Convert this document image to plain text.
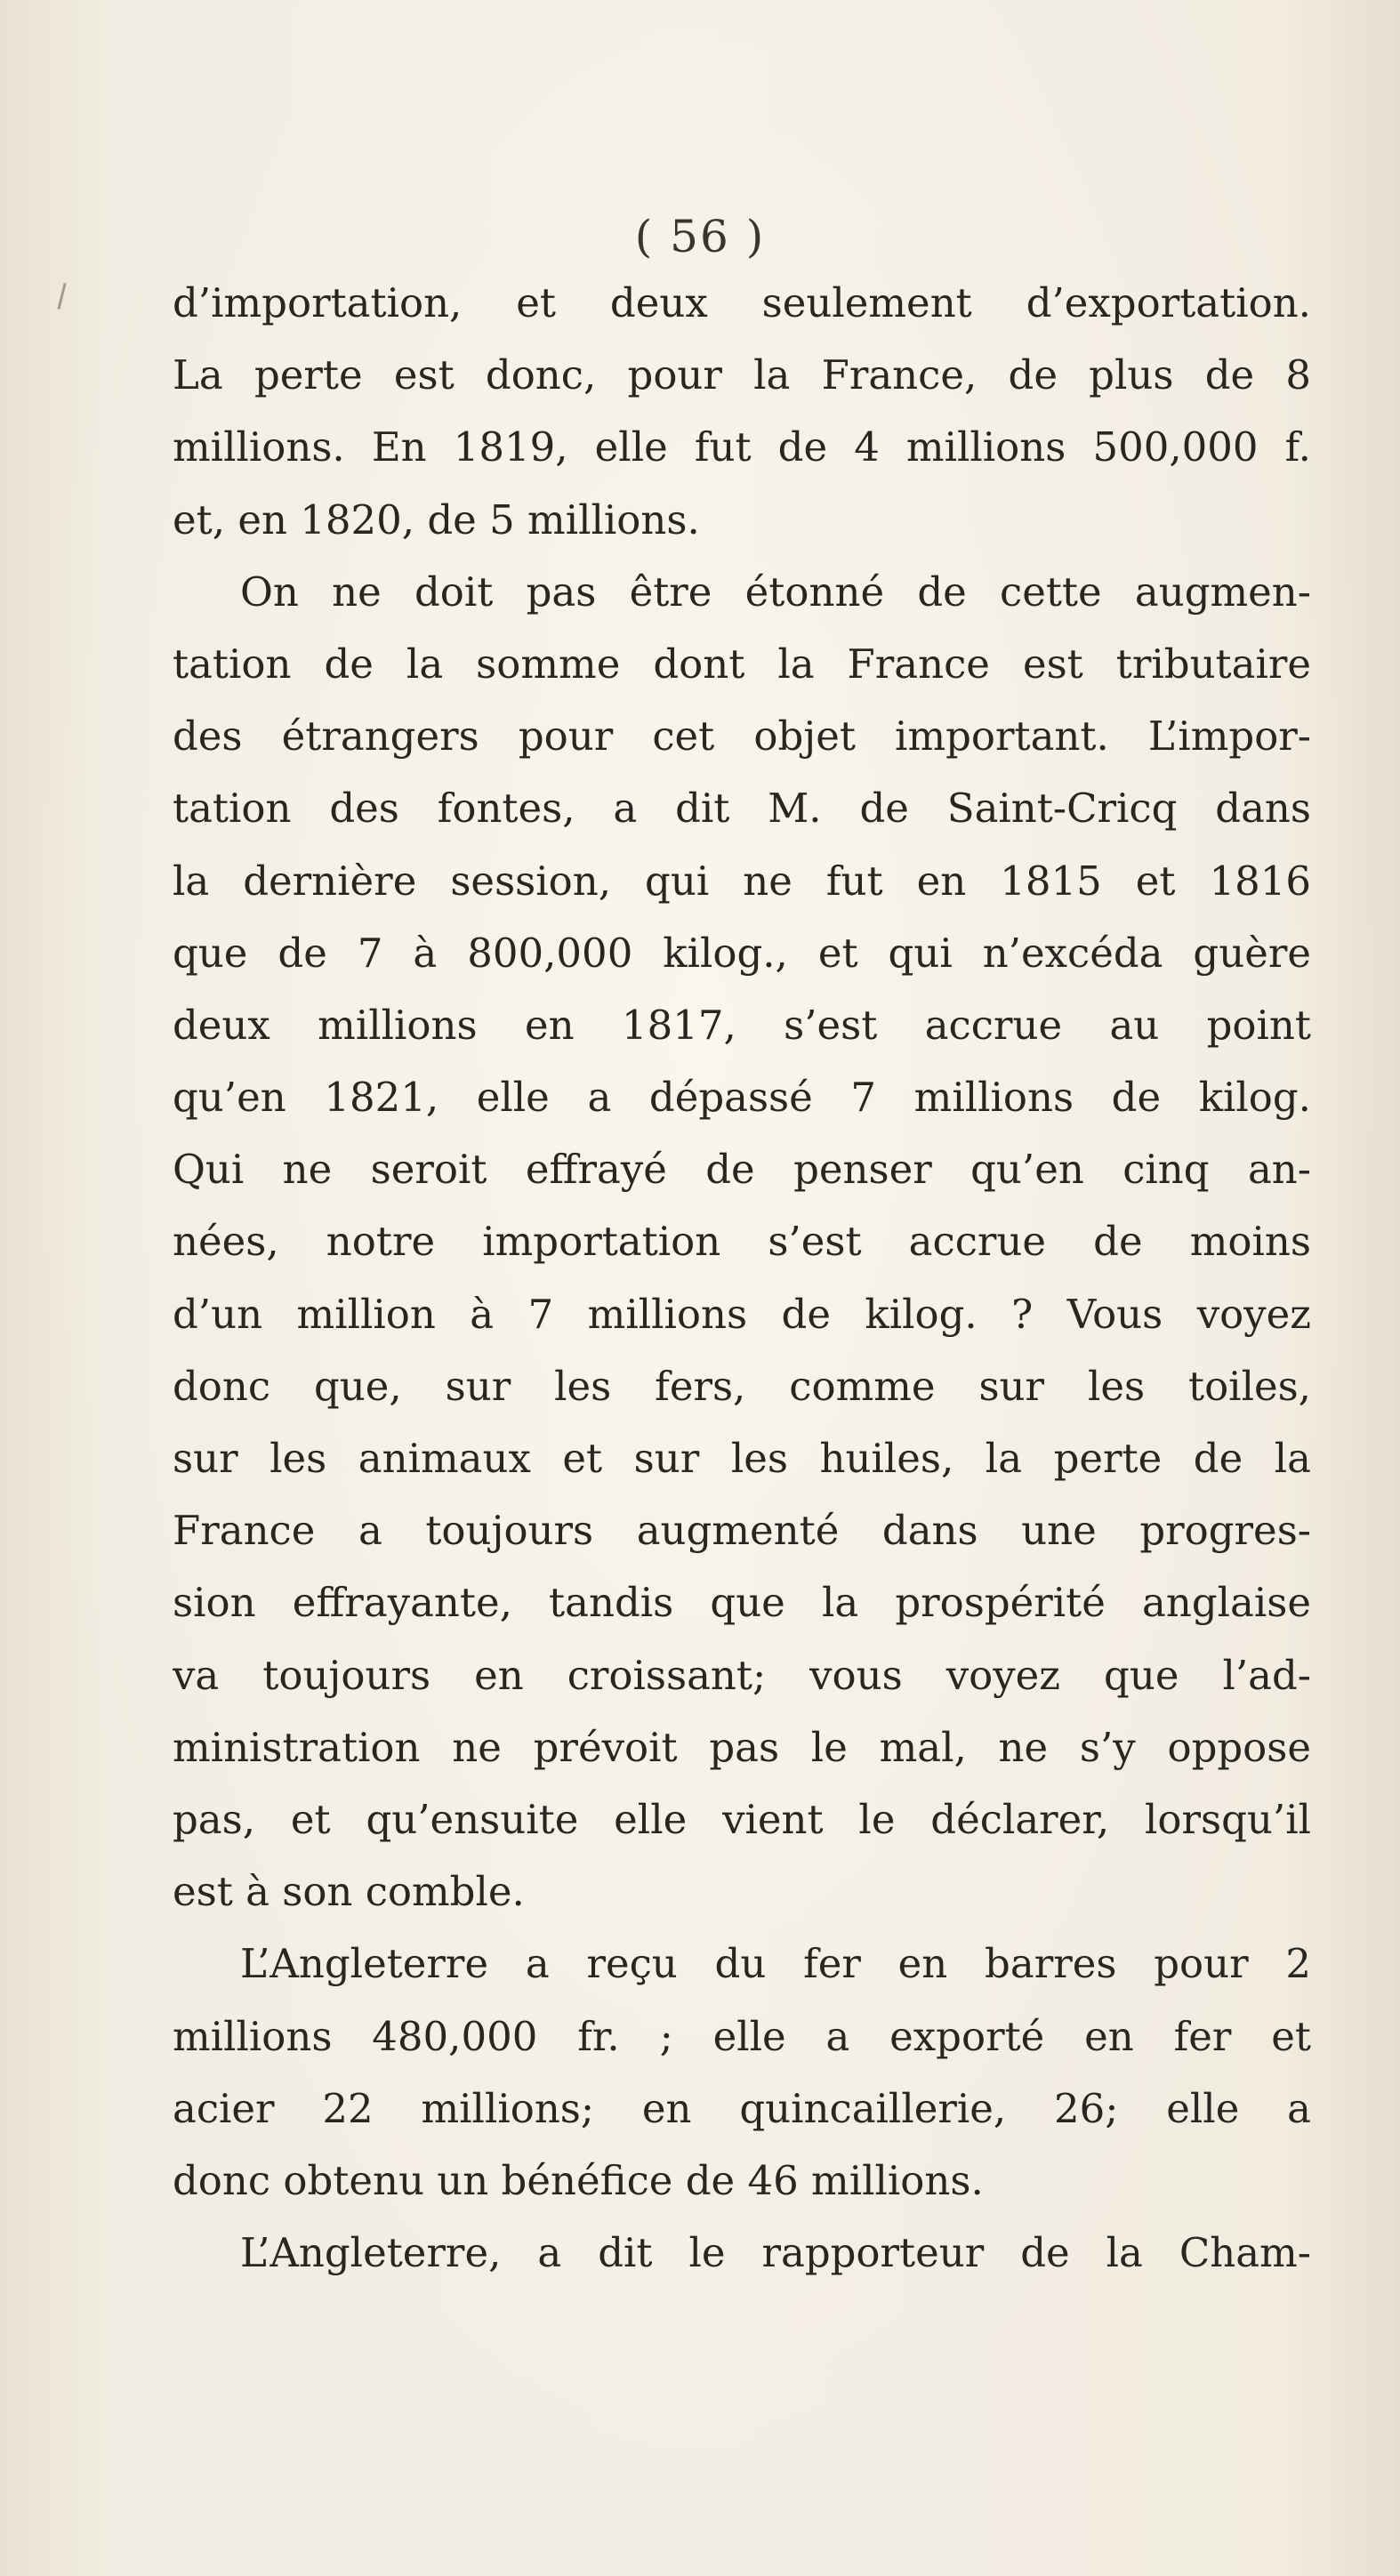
( 56 )
d’importation, et deux seulement d’exportation.
La perte est donc, pour la France, de plus de 8
millions. En 1819, elle fut de 4 millions 500,000 f.
et, en 1820, de 5 millions.
On ne doit pas être étonné de cette augmen-
tation de la somme dont la France est tributaire
des étrangers pour cet objet important. L’impor-
tation des fontes, a dit M. de Saint-Cricq dans
la dernière session, qui ne fut en 1815 et 1816
que de 7 à 800,000 kilog., et qui n’excéda guère
deux millions en 1817, s’est accrue au point
qu’en 1821, elle a dépassé 7 millions de kilog.
Qui ne seroit effrayé de penser qu’en cinq an-
nées, notre importation s’est accrue de moins
d’un million à 7 millions de kilog. ? Vous voyez
donc que, sur les fers, comme sur les toiles,
sur les animaux et sur les huiles, la perte de la
France a toujours augmenté dans une progres-
sion effrayante, tandis que la prospérité anglaise
va toujours en croissant; vous voyez que l’ad-
ministration ne prévoit pas le mal, ne s’y oppose
pas, et qu’ensuite elle vient le déclarer, lorsqu’il
est à son comble.
L’Angleterre a reçu du fer en barres pour 2
millions 480,000 fr. ; elle a exporté en fer et
acier 22 millions; en quincaillerie, 26; elle a
donc obtenu un bénéfice de 46 millions.
L’Angleterre, a dit le rapporteur de la Cham-
